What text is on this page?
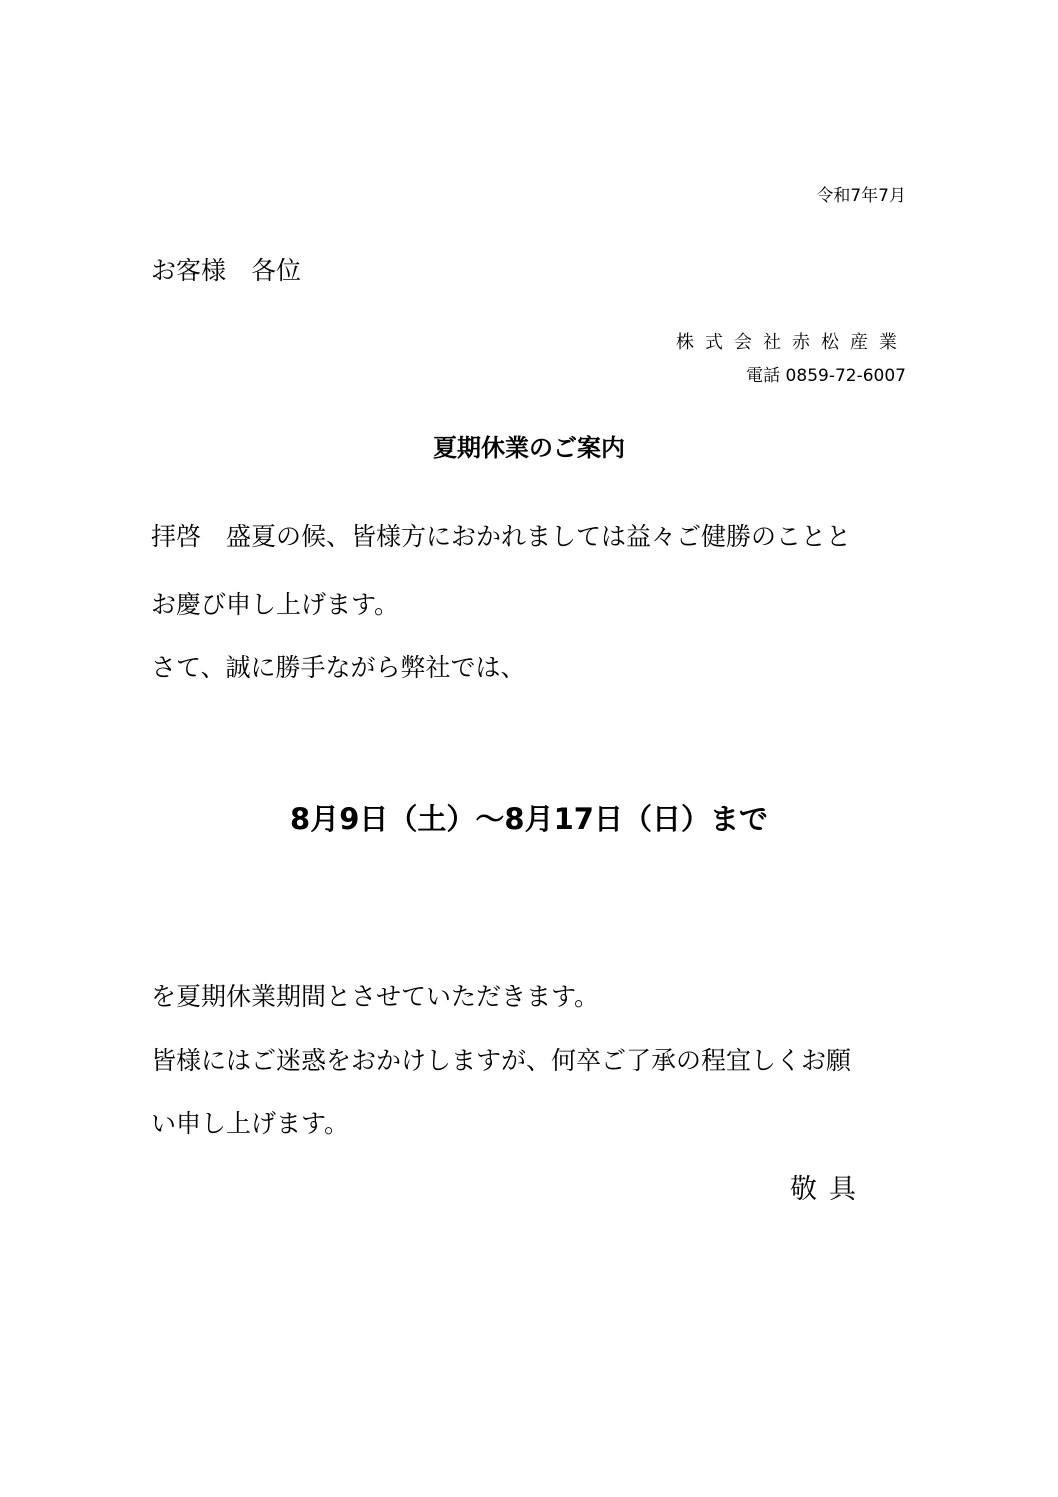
令和7年7月
お客様　各位
株式会社赤松産業
電話 0859-72-6007
夏期休業のご案内
拝啓　盛夏の候、皆様方におかれましては益々ご健勝のことと
お慶び申し上げます。
さて、誠に勝手ながら弊社では、
8月9日（土）～8月17日（日）まで
を夏期休業期間とさせていただきます。
皆様にはご迷惑をおかけしますが、何卒ご了承の程宜しくお願
い申し上げます。
敬具
